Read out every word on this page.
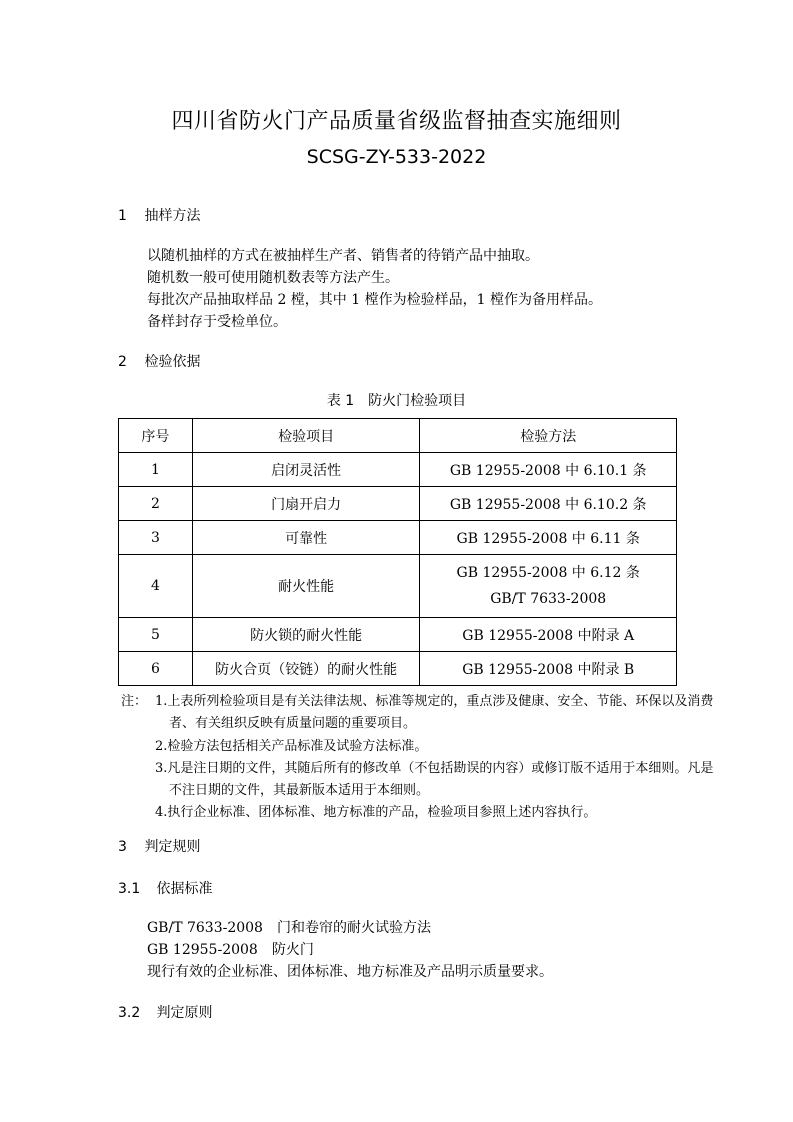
四川省防火门产品质量省级监督抽查实施细则
SCSG-ZY-533-2022
1 抽样方法
以随机抽样的方式在被抽样生产者、销售者的待销产品中抽取。
随机数一般可使用随机数表等方法产生。
每批次产品抽取样品 2 樘，其中 1 樘作为检验样品，1 樘作为备用样品。
备样封存于受检单位。
2 检验依据
表 1 防火门检验项目
序号	检验项目	检验方法
1	启闭灵活性	GB 12955-2008 中 6.10.1 条
2	门扇开启力	GB 12955-2008 中 6.10.2 条
3	可靠性	GB 12955-2008 中 6.11 条
4	耐火性能	GB 12955-2008 中 6.12 条
GB/T 7633-2008

5	防火锁的耐火性能	GB 12955-2008 中附录 A
6	防火合页（铰链）的耐火性能	GB 12955-2008 中附录 B
注： 1.上表所列检验项目是有关法律法规、标准等规定的，重点涉及健康、安全、节能、环保以及消费
者、有关组织反映有质量问题的重要项目。
2.检验方法包括相关产品标准及试验方法标准。
3.凡是注日期的文件，其随后所有的修改单（不包括勘误的内容）或修订版不适用于本细则。凡是
不注日期的文件，其最新版本适用于本细则。
4.执行企业标准、团体标准、地方标准的产品，检验项目参照上述内容执行。
3 判定规则
3.1 依据标准
GB/T 7633-2008　门和卷帘的耐火试验方法
GB 12955-2008　防火门
现行有效的企业标准、团体标准、地方标准及产品明示质量要求。
3.2 判定原则
